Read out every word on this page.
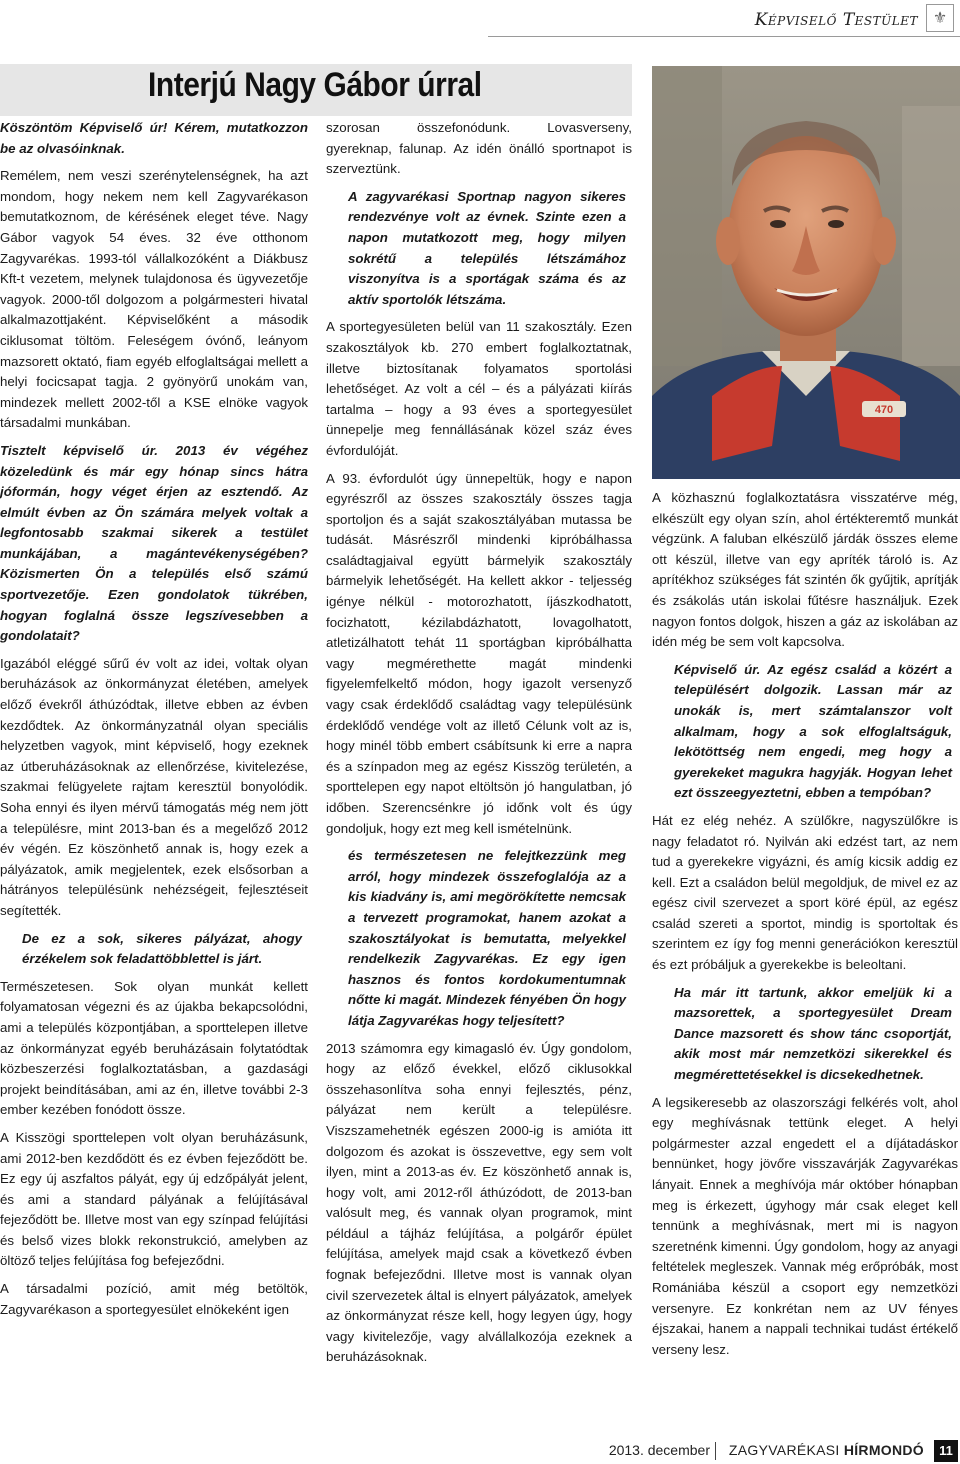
Képviselő Testület ⚜
Interjú Nagy Gábor úrral
470

Köszöntöm Képviselő úr! Kérem, mutatkozzon be az olvasóinknak.

Remélem, nem veszi szerénytelenségnek, ha azt mondom, hogy nekem nem kell Zagyvarékason bemutatkoznom, de kérésének eleget téve. Nagy Gábor vagyok 54 éves. 32 éve otthonom Zagyvarékas. 1993-tól vállalkozóként a Diákbusz Kft-t vezetem, melynek tulajdonosa és ügyvezetője vagyok. 2000-től dolgozom a polgármesteri hivatal alkalmazottjaként. Képviselőként a második ciklusomat töltöm. Feleségem óvónő, leányom mazsorett oktató, fiam egyéb elfoglaltságai mellett a helyi focicsapat tagja. 2 gyönyörű unokám van, mindezek mellett 2002-től a KSE elnöke vagyok társadalmi munkában.

Tisztelt képviselő úr. 2013 év végéhez közeledünk és már egy hónap sincs hátra jóformán, hogy véget érjen az esztendő. Az elmúlt évben az Ön számára melyek voltak a legfontosabb szakmai sikerek a testület munkájában, a magántevékenységében? Közismerten Ön a település első számú sportvezetője. Ezen gondolatok tükrében, hogyan foglalná össze legszívesebben a gondolatait?

Igazából eléggé sűrű év volt az idei, voltak olyan beruházások az önkormányzat életében, amelyek előző évekről áthúzódtak, illetve ebben az évben kezdődtek. Az önkormányzatnál olyan speciális helyzetben vagyok, mint képviselő, hogy ezeknek az útberuházásoknak az ellenőrzése, kivitelezése, szakmai felügyelete rajtam keresztül bonyolódik. Soha ennyi és ilyen mérvű támogatás még nem jött a településre, mint 2013-ban és a megelőző 2012 év végén. Ez köszönhető annak is, hogy ezek a pályázatok, amik megjelentek, ezek elsősorban a hátrányos településünk nehézségeit, fejlesztéseit segítették.

De ez a sok, sikeres pályázat, ahogy érzékelem sok feladattöbblettel is járt.

Természetesen. Sok olyan munkát kellett folyamatosan végezni és az újakba bekapcsolódni, ami a település központjában, a sporttelepen illetve az önkormányzat egyéb beruházásain folytatódtak közbeszerzési foglalkoztatásban, a gazdasági projekt beindításában, ami az én, illetve további 2-3 ember kezében fonódott össze.

A Kisszögi sporttelepen volt olyan beruházásunk, ami 2012-ben kezdődött és ez évben fejeződött be. Ez egy új aszfaltos pályát, egy új edzőpályát jelent, és ami a standard pályának a felújításával fejeződött be. Illetve most van egy színpad felújítási és belső vizes blokk rekonstrukció, amelyben az öltöző teljes felújítása fog befejeződni.

A társadalmi pozíció, amit még betöltök, Zagyvarékason a sportegyesület elnökeként igen

szorosan összefonódunk. Lovasverseny, gyereknap, falunap. Az idén önálló sportnapot is szerveztünk.

A zagyvarékasi Sportnap nagyon sikeres rendezvénye volt az évnek. Szinte ezen a napon mutatkozott meg, hogy milyen sokrétű a település létszámához viszonyítva is a sportágak száma és az aktív sportolók létszáma.

A sportegyesületen belül van 11 szakosztály. Ezen szakosztályok kb. 270 embert foglalkoztatnak, illetve biztosítanak folyamatos sportolási lehetőséget. Az volt a cél – és a pályázati kiírás tartalma – hogy a 93 éves a sportegyesület ünnepelje meg fennállásának közel száz éves évfordulóját.

A 93. évfordulót úgy ünnepeltük, hogy e napon egyrészről az összes szakosztály összes tagja sportoljon és a saját szakosztályában mutassa be tudását. Másrészről mindenki kipróbálhassa családtagjaival együtt bármelyik szakosztály bármelyik lehetőségét. Ha kellett akkor - teljesség igénye nélkül - motorozhatott, íjászkodhatott, focizhatott, kézilabdázhatott, lovagolhatott, atletizálhatott tehát 11 sportágban kipróbálhatta vagy megmérethette magát mindenki figyelemfelkeltő módon, hogy igazolt versenyző vagy csak érdeklődő családtag vagy településünk érdeklődő vendége volt az illető Célunk volt az is, hogy minél több embert csábítsunk ki erre a napra és a színpadon meg az egész Kisszög területén, a sporttelepen egy napot eltöltsön jó hangulatban, jó időben. Szerencsénkre jó időnk volt és úgy gondoljuk, hogy ezt meg kell ismételnünk.

és természetesen ne felejtkezzünk meg arról, hogy mindezek összefoglalója az a kis kiadvány is, ami megörökítette nemcsak a tervezett programokat, hanem azokat a szakosztályokat is bemutatta, melyekkel rendelkezik Zagyvarékas. Ez egy igen hasznos és fontos kordokumentumnak nőtte ki magát. Mindezek fényében Ön hogy látja Zagyvarékas hogy teljesített?

2013 számomra egy kimagasló év. Úgy gondolom, hogy az előző évekkel, előző ciklusokkal összehasonlítva soha ennyi fejlesztés, pénz, pályázat nem került a településre. Viszszamehetnék egészen 2000-ig is amióta itt dolgozom és azokat is összevettve, egy sem volt ilyen, mint a 2013-as év. Ez köszönhető annak is, hogy volt, ami 2012-ről áthúzódott, de 2013-ban valósult meg, és vannak olyan programok, mint például a tájház felújítása, a polgárőr épület felújítása, amelyek majd csak a következő évben fognak befejeződni. Illetve most is vannak olyan civil szervezetek által is elnyert pályázatok, amelyek az önkormányzat része kell, hogy legyen úgy, hogy vagy kivitelezője, vagy alvállalkozója ezeknek a beruházásoknak.

A közhasznú foglalkoztatásra visszatérve még, elkészült egy olyan szín, ahol értékteremtő munkát végzünk. A faluban elkészülő járdák összes eleme ott készül, illetve van egy apríték tároló is. Az aprítékhoz szükséges fát szintén ők gyűjtik, aprítják és zsákolás után iskolai fűtésre használjuk. Ezek nagyon fontos dolgok, hiszen a gáz az iskolában az idén még be sem volt kapcsolva.

Képviselő úr. Az egész család a közért a településért dolgozik. Lassan már az unokák is, mert számtalanszor volt alkalmam, hogy a sok elfoglaltságuk, lekötöttség nem engedi, meg hogy a gyerekeket magukra hagyják. Hogyan lehet ezt összeegyeztetni, ebben a tempóban?

Hát ez elég nehéz. A szülőkre, nagyszülőkre is nagy feladatot ró. Nyilván aki edzést tart, az nem tud a gyerekekre vigyázni, és amíg kicsik addig ez kell. Ezt a családon belül megoldjuk, de mivel ez az egész civil szervezet a sport köré épül, az egész család szereti a sportot, mindig is sportoltak és szerintem ez így fog menni generációkon keresztül és ezt próbáljuk a gyerekekbe is beleoltani.

Ha már itt tartunk, akkor emeljük ki a mazsorettek, a sportegyesület Dream Dance mazsorett és show tánc csoportját, akik most már nemzetközi sikerekkel és megmérettetésekkel is dicsekedhetnek.

A legsikeresebb az olaszországi felkérés volt, ahol egy meghívásnak tettünk eleget. A helyi polgármester azzal engedett el a díjátadáskor bennünket, hogy jövőre visszavárják Zagyvarékas lányait. Ennek a meghívója már október hónapban meg is érkezett, úgyhogy már csak eleget kell tennünk a meghívásnak, mert mi is nagyon szeretnénk kimenni. Úgy gondolom, hogy az anyagi feltételek megleszek. Vannak még erőpróbák, most Romániába készül a csoport egy nemzetközi versenyre. Ez konkrétan nem az UV fényes éjszakai, hanem a nappali technikai tudást értékelő verseny lesz.

2013. december ZAGYVARÉKASI HÍRMONDÓ	11
